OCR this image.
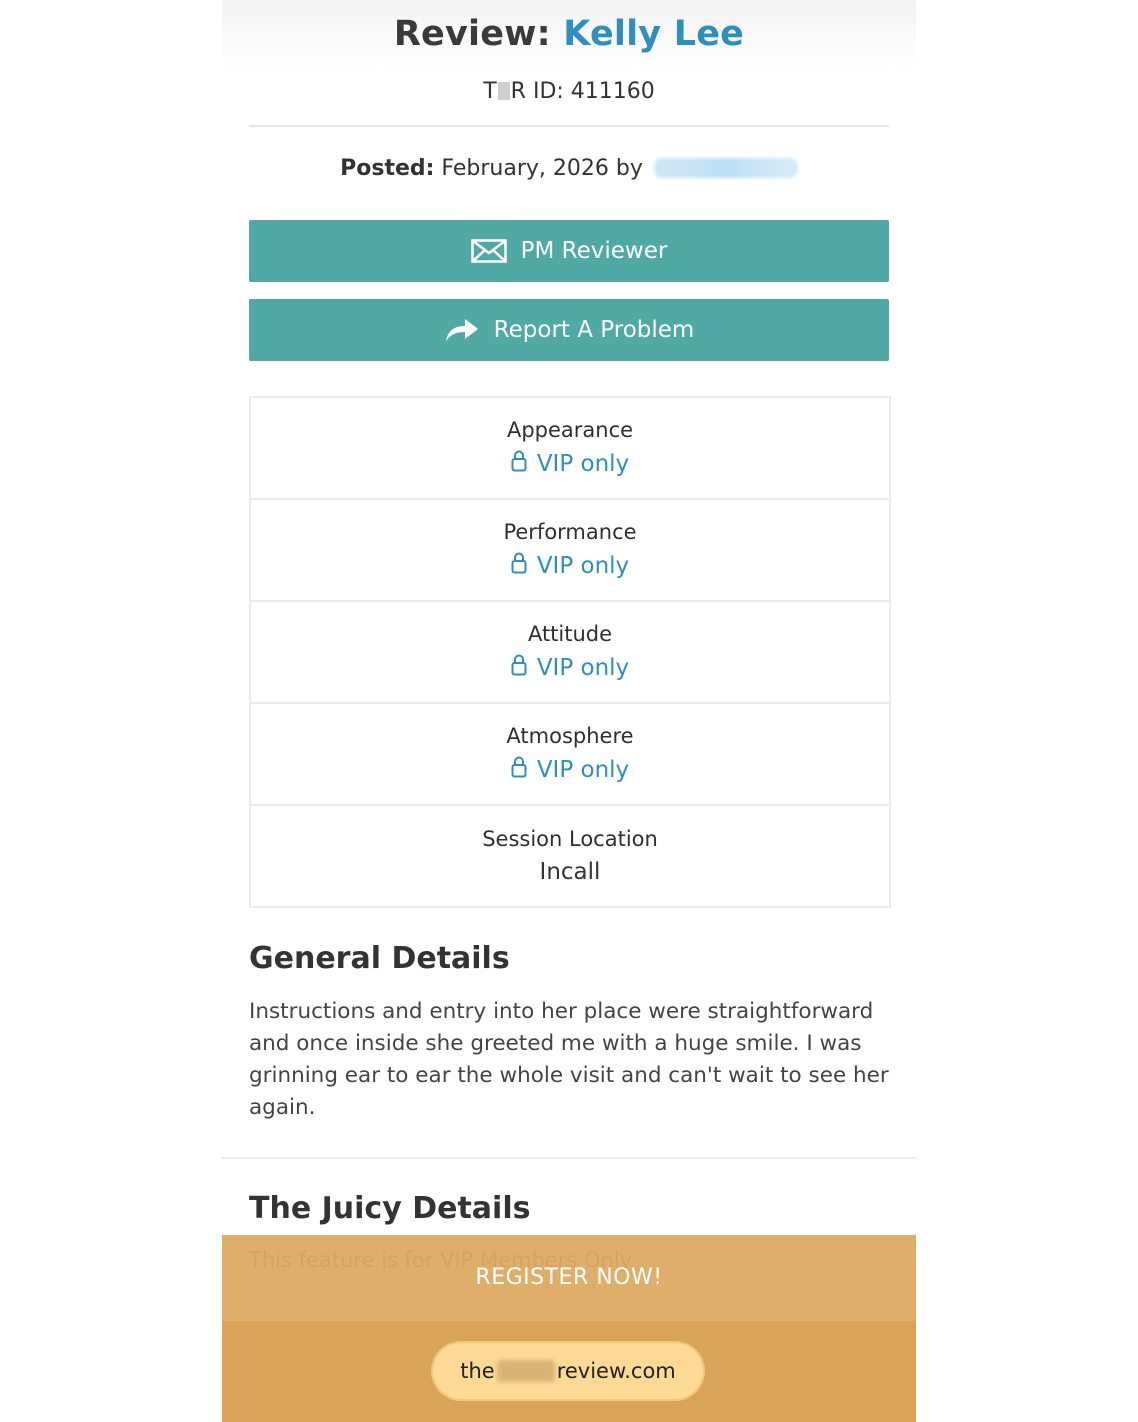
Review: Kelly Lee
T R ID: 411160
Posted: February, 2026 by
PM Reviewer
Report A Problem
Appearance
VIP only
Performance
VIP only
Attitude
VIP only
Atmosphere
VIP only
Session Location
Incall
General Details

Instructions and entry into her place were straightforward and once inside she greeted me with a huge smile. I was grinning ear to ear the whole visit and can't wait to see her again.

The Juicy Details
REGISTER NOW!
the	review.com
